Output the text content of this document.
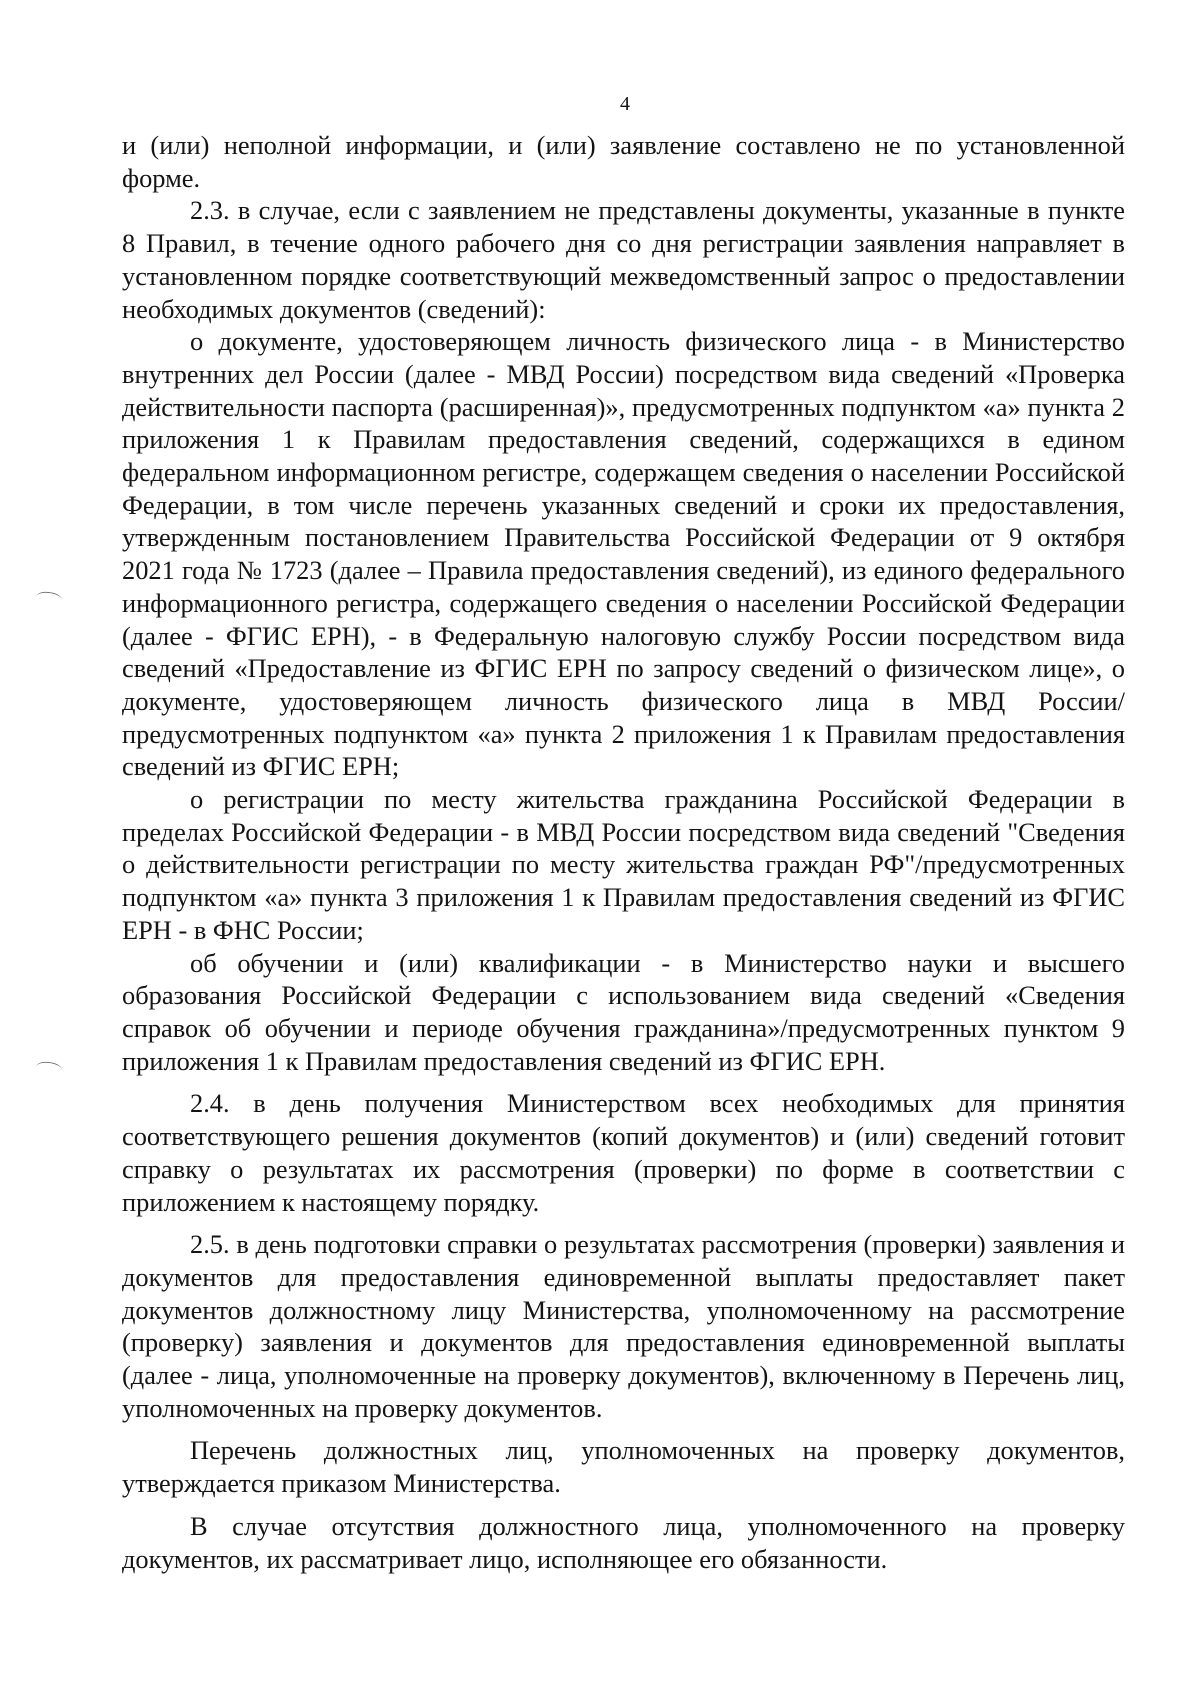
4

и (или) неполной информации, и (или) заявление составлено не по установленной форме.

2.3. в случае, если с заявлением не представлены документы, указанные в пункте 8 Правил, в течение одного рабочего дня со дня регистрации заявления направляет в установленном порядке соответствующий межведомственный запрос о предоставлении необходимых документов (сведений):

о документе, удостоверяющем личность физического лица - в Министерство внутренних дел России (далее - МВД России) посредством вида сведений «Проверка действительности паспорта (расширенная)», предусмотренных подпунктом «а» пункта 2 приложения 1 к Правилам предоставления сведений, содержащихся в едином федеральном информационном регистре, содержащем сведения о населении Российской Федерации, в том числе перечень указанных сведений и сроки их предоставления, утвержденным постановлением Правительства Российской Федерации от 9 октября 2021 года № 1723 (далее – Правила предоставления сведений), из единого федерального информационного регистра, содержащего сведения о населении Российской Федерации (далее - ФГИС ЕРН), - в Федеральную налоговую службу России посредством вида сведений «Предоставление из ФГИС ЕРН по запросу сведений о физическом лице», о документе, удостоверяющем личность физического лица в МВД России/предусмотренных подпунктом «а» пункта 2 приложения 1 к Правилам предоставления сведений из ФГИС ЕРН;

о регистрации по месту жительства гражданина Российской Федерации в пределах Российской Федерации - в МВД России посредством вида сведений "Сведения о действительности регистрации по месту жительства граждан РФ"/предусмотренных подпунктом «а» пункта 3 приложения 1 к Правилам предоставления сведений из ФГИС ЕРН - в ФНС России;

об обучении и (или) квалификации - в Министерство науки и высшего образования Российской Федерации с использованием вида сведений «Сведения справок об обучении и периоде обучения гражданина»/предусмотренных пунктом 9 приложения 1 к Правилам предоставления сведений из ФГИС ЕРН.

2.4. в день получения Министерством всех необходимых для принятия соответствующего решения документов (копий документов) и (или) сведений готовит справку о результатах их рассмотрения (проверки) по форме в соответствии с приложением к настоящему порядку.

2.5. в день подготовки справки о результатах рассмотрения (проверки) заявления и документов для предоставления единовременной выплаты предоставляет пакет документов должностному лицу Министерства, уполномоченному на рассмотрение (проверку) заявления и документов для предоставления единовременной выплаты (далее - лица, уполномоченные на проверку документов), включенному в Перечень лиц, уполномоченных на проверку документов.

Перечень должностных лиц, уполномоченных на проверку документов, утверждается приказом Министерства.

В случае отсутствия должностного лица, уполномоченного на проверку документов, их рассматривает лицо, исполняющее его обязанности.
